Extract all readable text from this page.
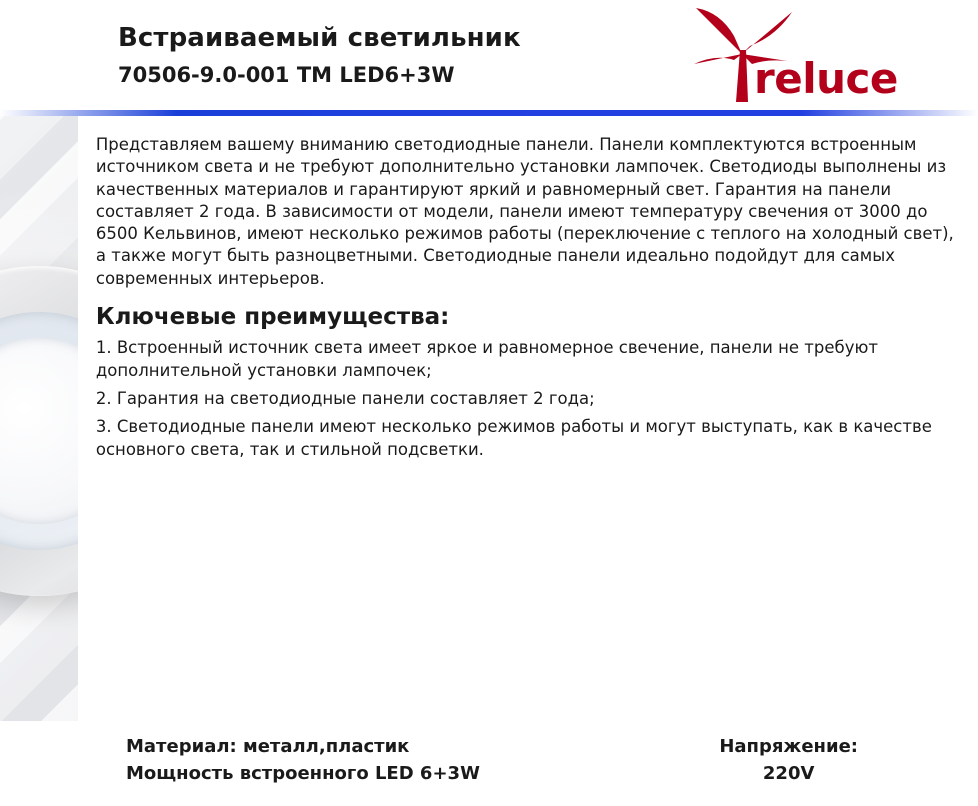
Встраиваемый светильник
70506-9.0-001 TM LED6+3W	reluce
Представляем вашему вниманию светодиодные панели. Панели комплектуются встроенным источником света и не требуют дополнительно установки лампочек. Светодиоды выполнены из качественных материалов и гарантируют яркий и равномерный свет. Гарантия на панели составляет 2 года. В зависимости от модели, панели имеют температуру свечения от 3000 до 6500 Кельвинов, имеют несколько режимов работы (переключение с теплого на холодный свет), а также могут быть разноцветными. Светодиодные панели идеально подойдут для самых современных интерьеров.
Ключевые преимущества:
1. Встроенный источник света имеет яркое и равномерное свечение, панели не требуют дополнительной установки лампочек;
2. Гарантия на светодиодные панели составляет 2 года;
3. Светодиодные панели имеют несколько режимов работы и могут выступать, как в качестве основного света, так и стильной подсветки.
Материал: металл,пластик
Мощность встроенного LED 6+3W
Напряжение:
220V
